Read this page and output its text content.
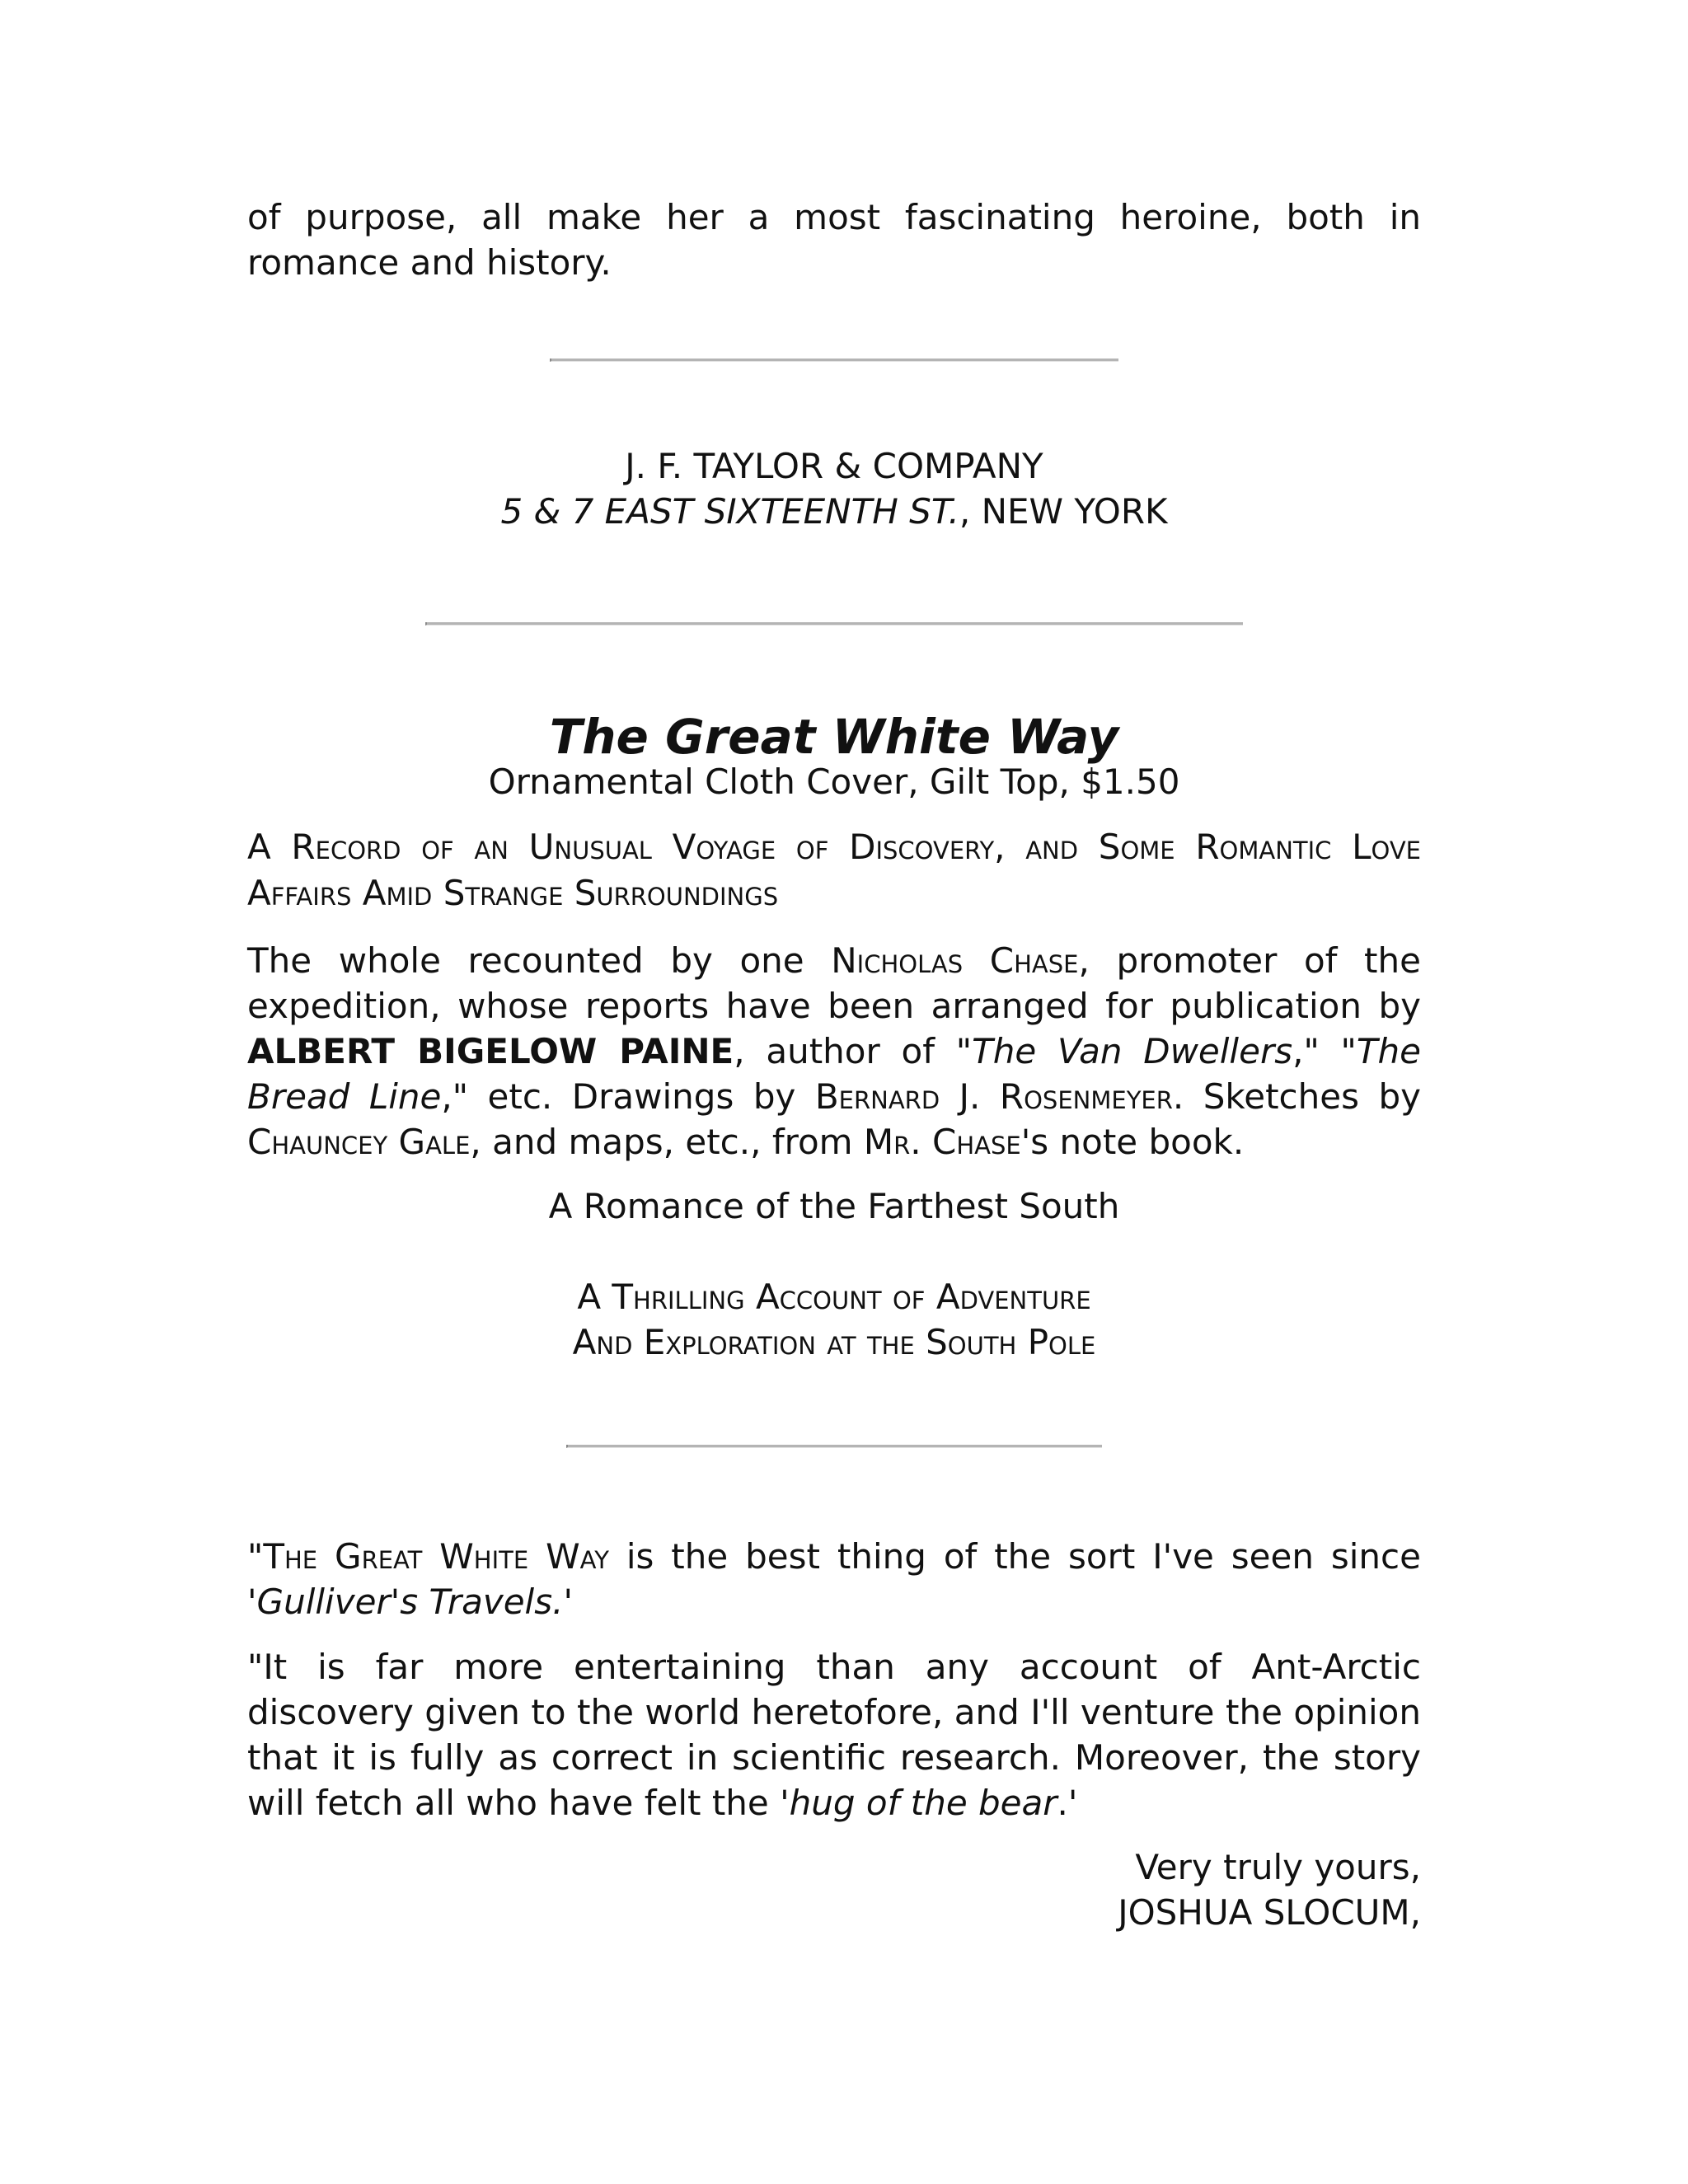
of purpose, all make her a most fascinating heroine, both in romance and history.

J. F. TAYLOR & COMPANY

5 & 7 EAST SIXTEENTH ST., NEW YORK

The Great White Way

Ornamental Cloth Cover, Gilt Top, $1.50

A Record of an Unusual Voyage of Discovery, and Some Romantic Love Affairs Amid Strange Surroundings

The whole recounted by one Nicholas Chase, promoter of the expedition, whose reports have been arranged for publication by ALBERT BIGELOW PAINE, author of "The Van Dwellers," "The Bread Line," etc. Drawings by Bernard J. Rosenmeyer. Sketches by Chauncey Gale, and maps, etc., from Mr. Chase's note book.

A Romance of the Farthest South

A Thrilling Account of Adventure

And Exploration at the South Pole

"The Great White Way is the best thing of the sort I've seen since 'Gulliver's Travels.'

"It is far more entertaining than any account of Ant-Arctic discovery given to the world heretofore, and I'll venture the opinion that it is fully as correct in scientific research. Moreover, the story will fetch all who have felt the 'hug of the bear.'

Very truly yours,

JOSHUA SLOCUM,
